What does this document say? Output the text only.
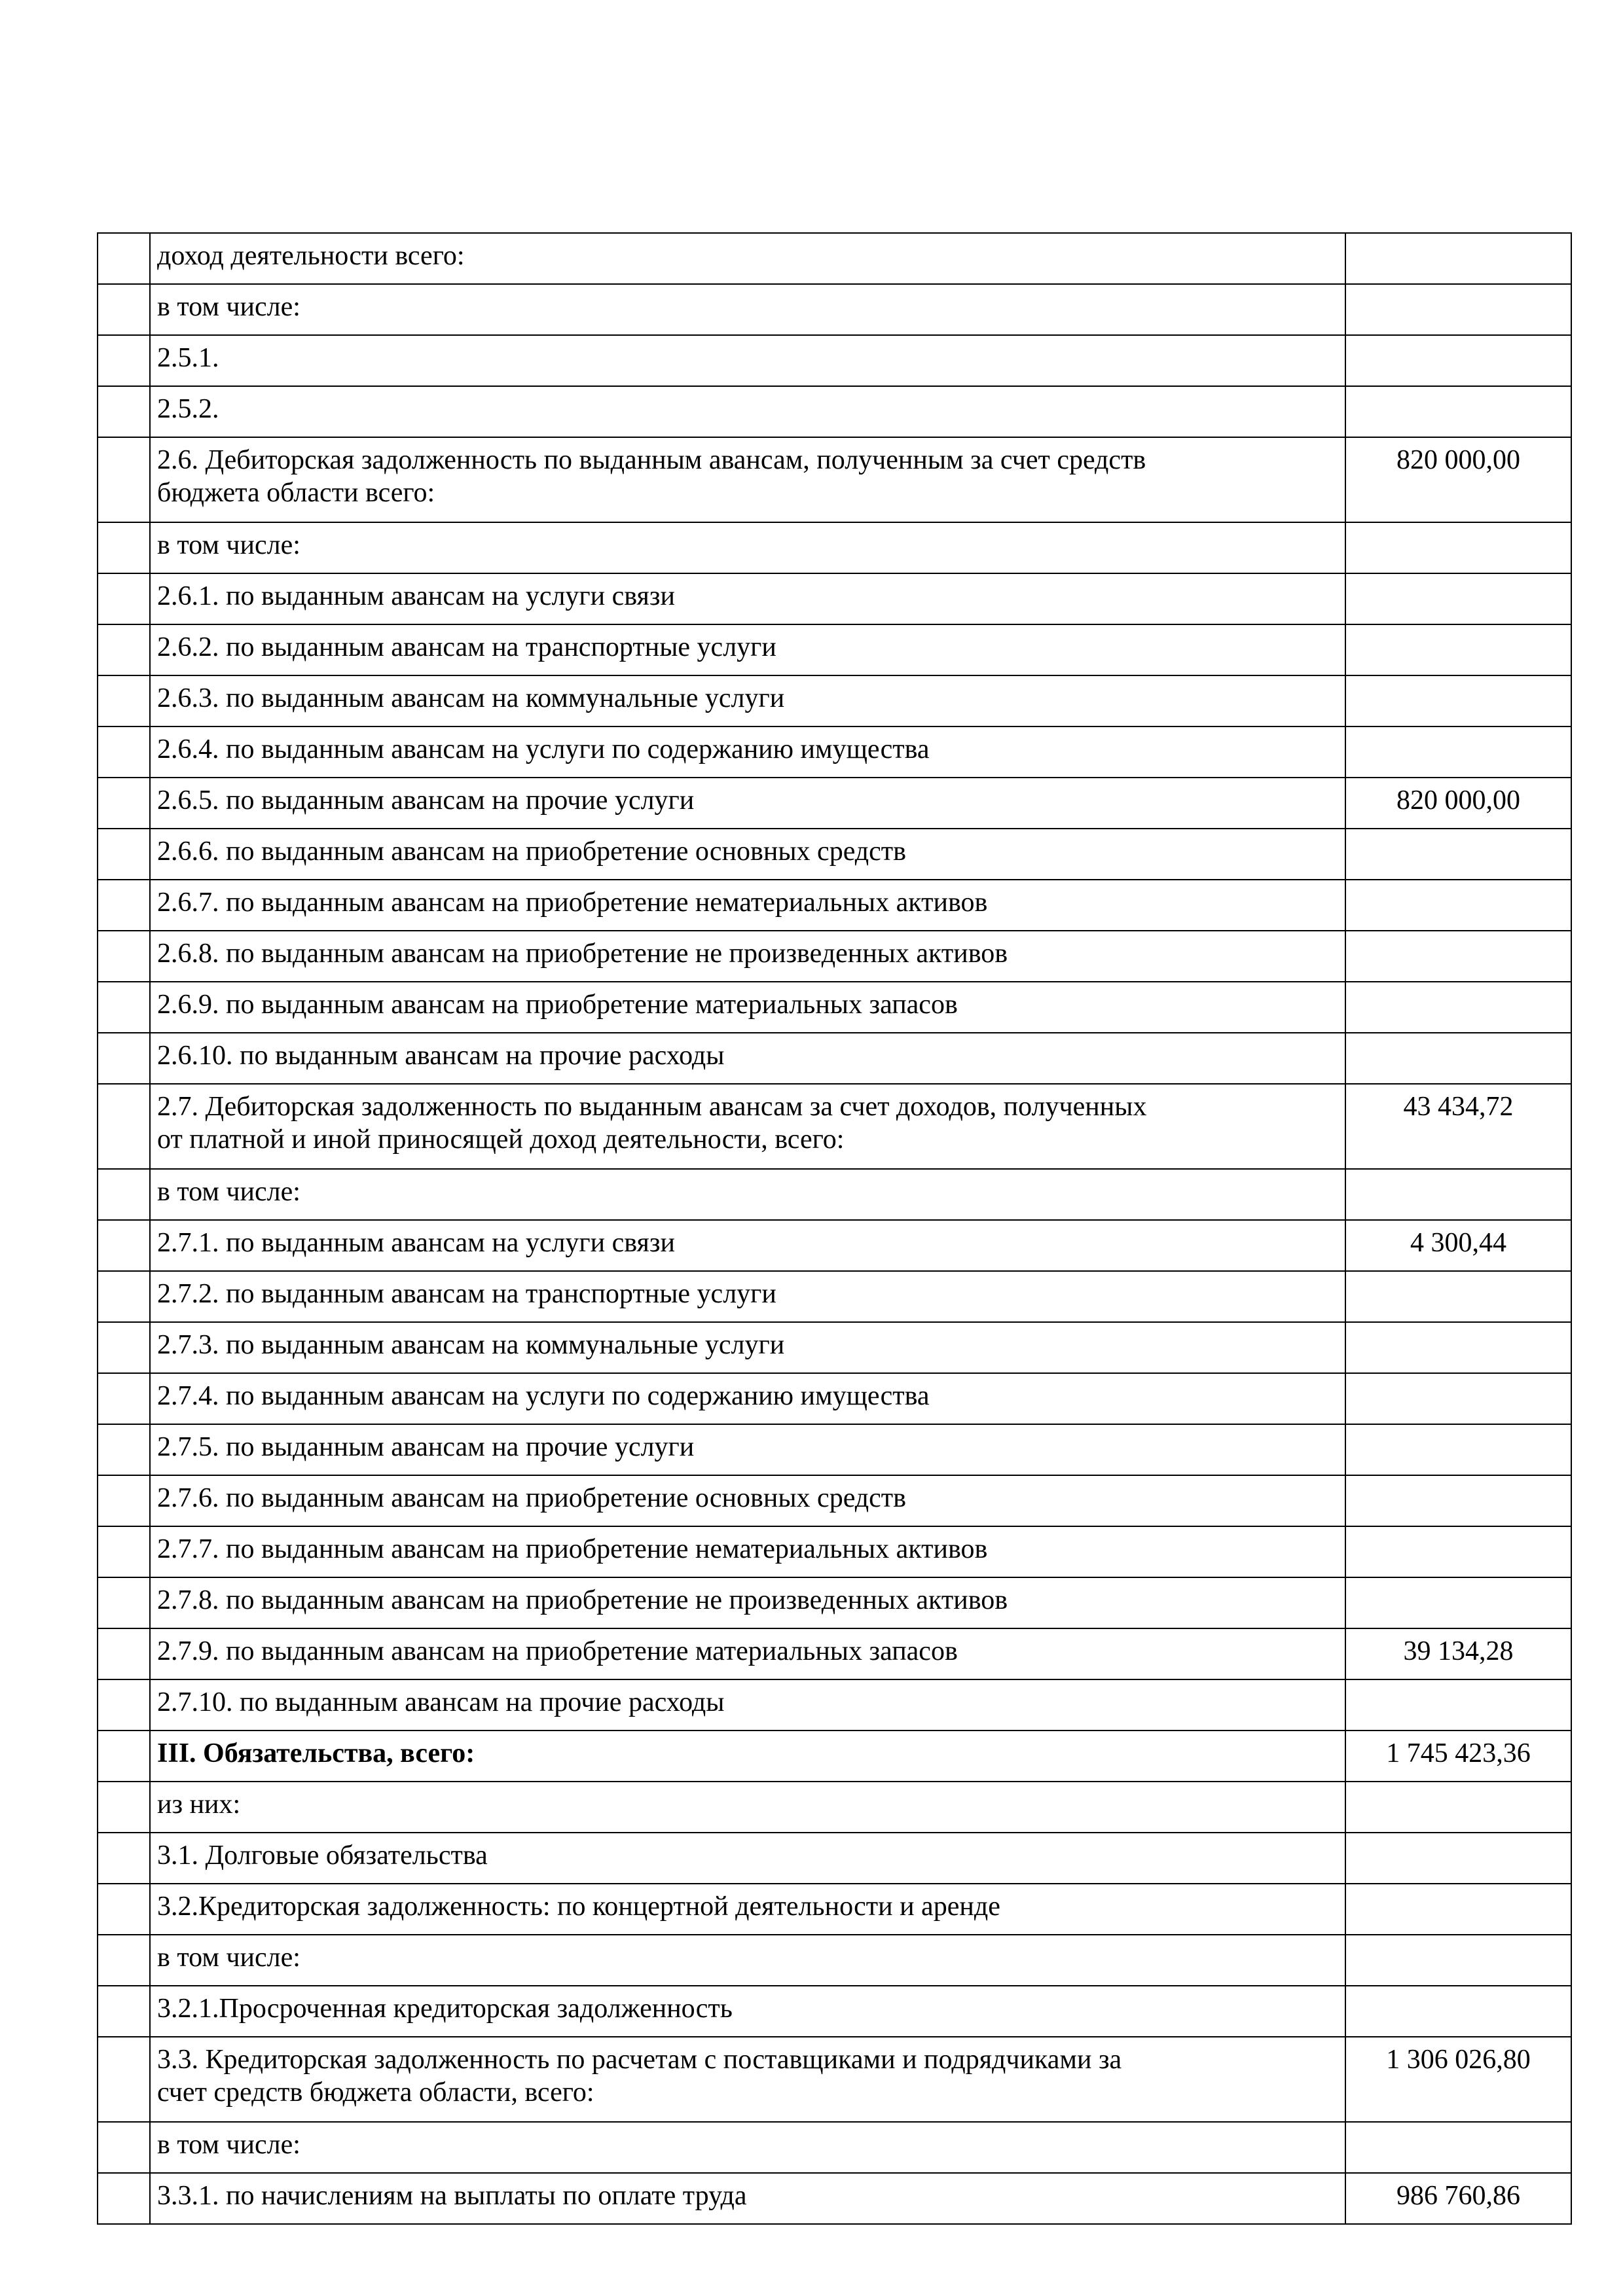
	доход деятельности всего:	
	в том числе:	
	2.5.1.	
	2.5.2.	
	2.6. Дебиторская задолженность по выданным авансам, полученным за счет средств
бюджета области всего:	820 000,00
	в том числе:	
	2.6.1. по выданным авансам на услуги связи	
	2.6.2. по выданным авансам на транспортные услуги	
	2.6.3. по выданным авансам на коммунальные услуги	
	2.6.4. по выданным авансам на услуги по содержанию имущества	
	2.6.5. по выданным авансам на прочие услуги	820 000,00
	2.6.6. по выданным авансам на приобретение основных средств	
	2.6.7. по выданным авансам на приобретение нематериальных активов	
	2.6.8. по выданным авансам на приобретение не произведенных активов	
	2.6.9. по выданным авансам на приобретение материальных запасов	
	2.6.10. по выданным авансам на прочие расходы	
	2.7. Дебиторская задолженность по выданным авансам за счет доходов, полученных
от платной и иной приносящей доход деятельности, всего:	43 434,72
	в том числе:	
	2.7.1. по выданным авансам на услуги связи	4 300,44
	2.7.2. по выданным авансам на транспортные услуги	
	2.7.3. по выданным авансам на коммунальные услуги	
	2.7.4. по выданным авансам на услуги по содержанию имущества	
	2.7.5. по выданным авансам на прочие услуги	
	2.7.6. по выданным авансам на приобретение основных средств	
	2.7.7. по выданным авансам на приобретение нематериальных активов	
	2.7.8. по выданным авансам на приобретение не произведенных активов	
	2.7.9. по выданным авансам на приобретение материальных запасов	39 134,28
	2.7.10. по выданным авансам на прочие расходы	
	III. Обязательства, всего:	1 745 423,36
	из них:	
	3.1. Долговые обязательства	
	3.2.Кредиторская задолженность: по концертной деятельности и аренде	
	в том числе:	
	3.2.1.Просроченная кредиторская задолженность	
	3.3. Кредиторская задолженность по расчетам с поставщиками и подрядчиками за
счет средств бюджета области, всего:	1 306 026,80
	в том числе:	
	3.3.1. по начислениям на выплаты по оплате труда	986 760,86
